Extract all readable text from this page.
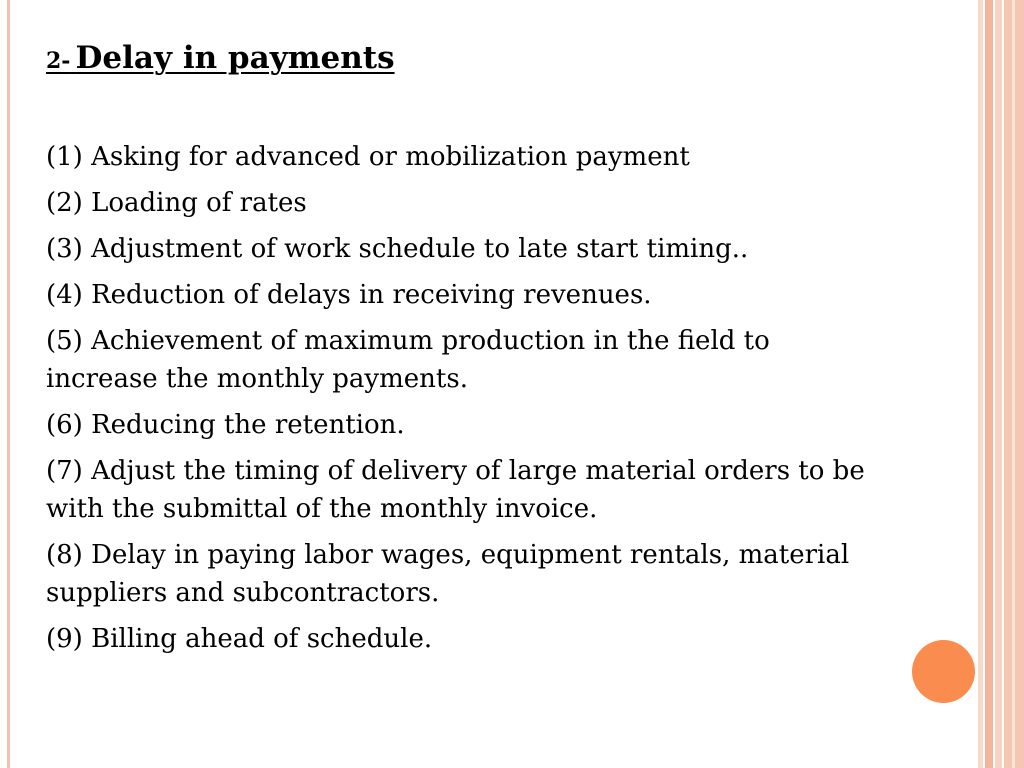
2- Delay in payments
(1) Asking for advanced or mobilization payment
(2) Loading of rates
(3) Adjustment of work schedule to late start timing..
(4) Reduction of delays in receiving revenues.
(5) Achievement of maximum production in the field to increase the monthly payments.
(6) Reducing the retention.
(7) Adjust the timing of delivery of large material orders to be with the submittal of the monthly invoice.
(8) Delay in paying labor wages, equipment rentals, material suppliers and subcontractors.
(9) Billing ahead of schedule.
